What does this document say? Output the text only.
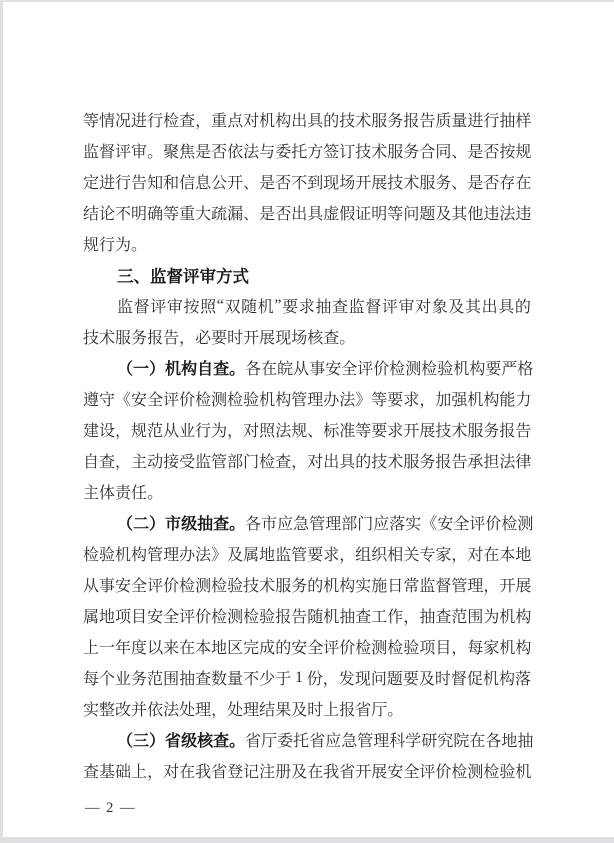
等 情 况 进 行 检 查 ， 重 点 对 机 构 出 具 的 技 术 服 务 报 告 质 量 进 行 抽 样
监 督 评 审 。 聚 焦 是 否 依 法 与 委 托 方 签 订 技 术 服 务 合 同 、 是 否 按 规
定 进 行 告 知 和 信 息 公 开 、 是 否 不 到 现 场 开 展 技 术 服 务 、 是 否 存 在
结 论 不 明 确 等 重 大 疏 漏 、 是 否 出 具 虚 假 证 明 等 问 题 及 其 他 违 法 违
规 行 为 。
三 、 监 督 评 审 方 式
监 督 评 审 按 照 “ 双 随 机 ” 要 求 抽 查 监 督 评 审 对 象 及 其 出 具 的
技 术 服 务 报 告 ， 必 要 时 开 展 现 场 核 查 。
（ 一 ） 机 构 自 查 。 各 在 皖 从 事 安 全 评 价 检 测 检 验 机 构 要 严 格
遵 守 《 安 全 评 价 检 测 检 验 机 构 管 理 办 法 》 等 要 求 ， 加 强 机 构 能 力
建 设 ， 规 范 从 业 行 为 ， 对 照 法 规 、 标 准 等 要 求 开 展 技 术 服 务 报 告
自 查 ， 主 动 接 受 监 管 部 门 检 查 ， 对 出 具 的 技 术 服 务 报 告 承 担 法 律
主 体 责 任 。
（ 二 ） 市 级 抽 查 。 各 市 应 急 管 理 部 门 应 落 实 《 安 全 评 价 检 测
检 验 机 构 管 理 办 法 》 及 属 地 监 管 要 求 ， 组 织 相 关 专 家 ， 对 在 本 地
从 事 安 全 评 价 检 测 检 验 技 术 服 务 的 机 构 实 施 日 常 监 督 管 理 ， 开 展
属 地 项 目 安 全 评 价 检 测 检 验 报 告 随 机 抽 查 工 作 ， 抽 查 范 围 为 机 构
上 一 年 度 以 来 在 本 地 区 完 成 的 安 全 评 价 检 测 检 验 项 目 ， 每 家 机 构
每 个 业 务 范 围 抽 查 数 量 不 少 于 1 份 ， 发 现 问 题 要 及 时 督 促 机 构 落
实 整 改 并 依 法 处 理 ， 处 理 结 果 及 时 上 报 省 厅 。
（ 三 ） 省 级 核 查 。 省 厅 委 托 省 应 急 管 理 科 学 研 究 院 在 各 地 抽
查 基 础 上 ， 对 在 我 省 登 记 注 册 及 在 我 省 开 展 安 全 评 价 检 测 检 验 机
— 2 —
